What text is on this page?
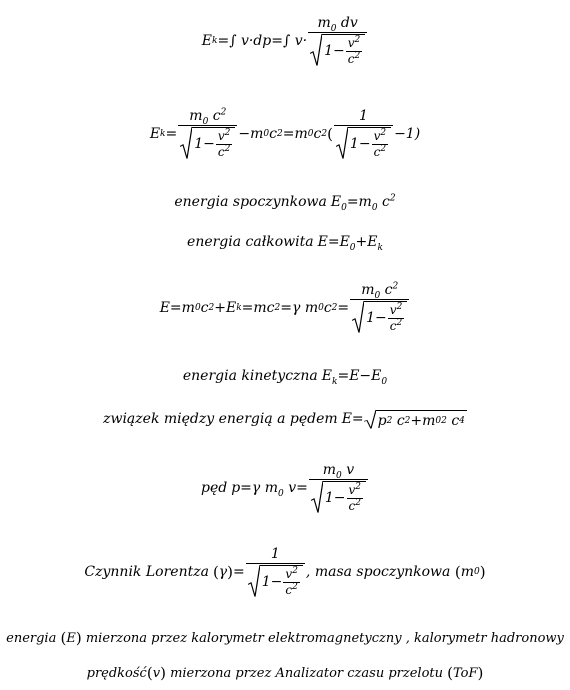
E k =∫ v·dp=∫ $v\cdot \frac{m_0 dv}{1- \frac{v^2}{c^2}}$
E $k = \frac{m_0 c^2}{1- \frac{v^2}{c^2}} -m$ 0 c 2 =m 0 c 2 ( $\frac{1}{1- \frac{v^2}{c^2}} -1$)
energia spoczynkowa $E_0=m_0$ $c^2$
energia całkowita $E=E_0+E_k$
E=m 0 c 2 +E k =mc 2 =γ m 0 c $2 = \frac{m_0 c^2}{1- \frac{v^2}{c^2}}$
energia kinetyczna $E_k=E-E_0$
związek między energią a pędem E= p 2
c 2 +m 0 2
c 4
pęd p=γ $m_0$ $v= \frac{m_0 v}{1- \frac{v^2}{c^2}}$
Czynnik Lorentza ( γ ) = $\frac{1}{1- \frac{v^2}{c^2}}$ , masa spoczynkowa
( m 0 )
energia
( E )
mierzona przez kalorymetr elektromagnetyczny , kalorymetr hadronowy
prędkość ( v )
mierzona przez Analizator czasu przelotu
( ToF )
